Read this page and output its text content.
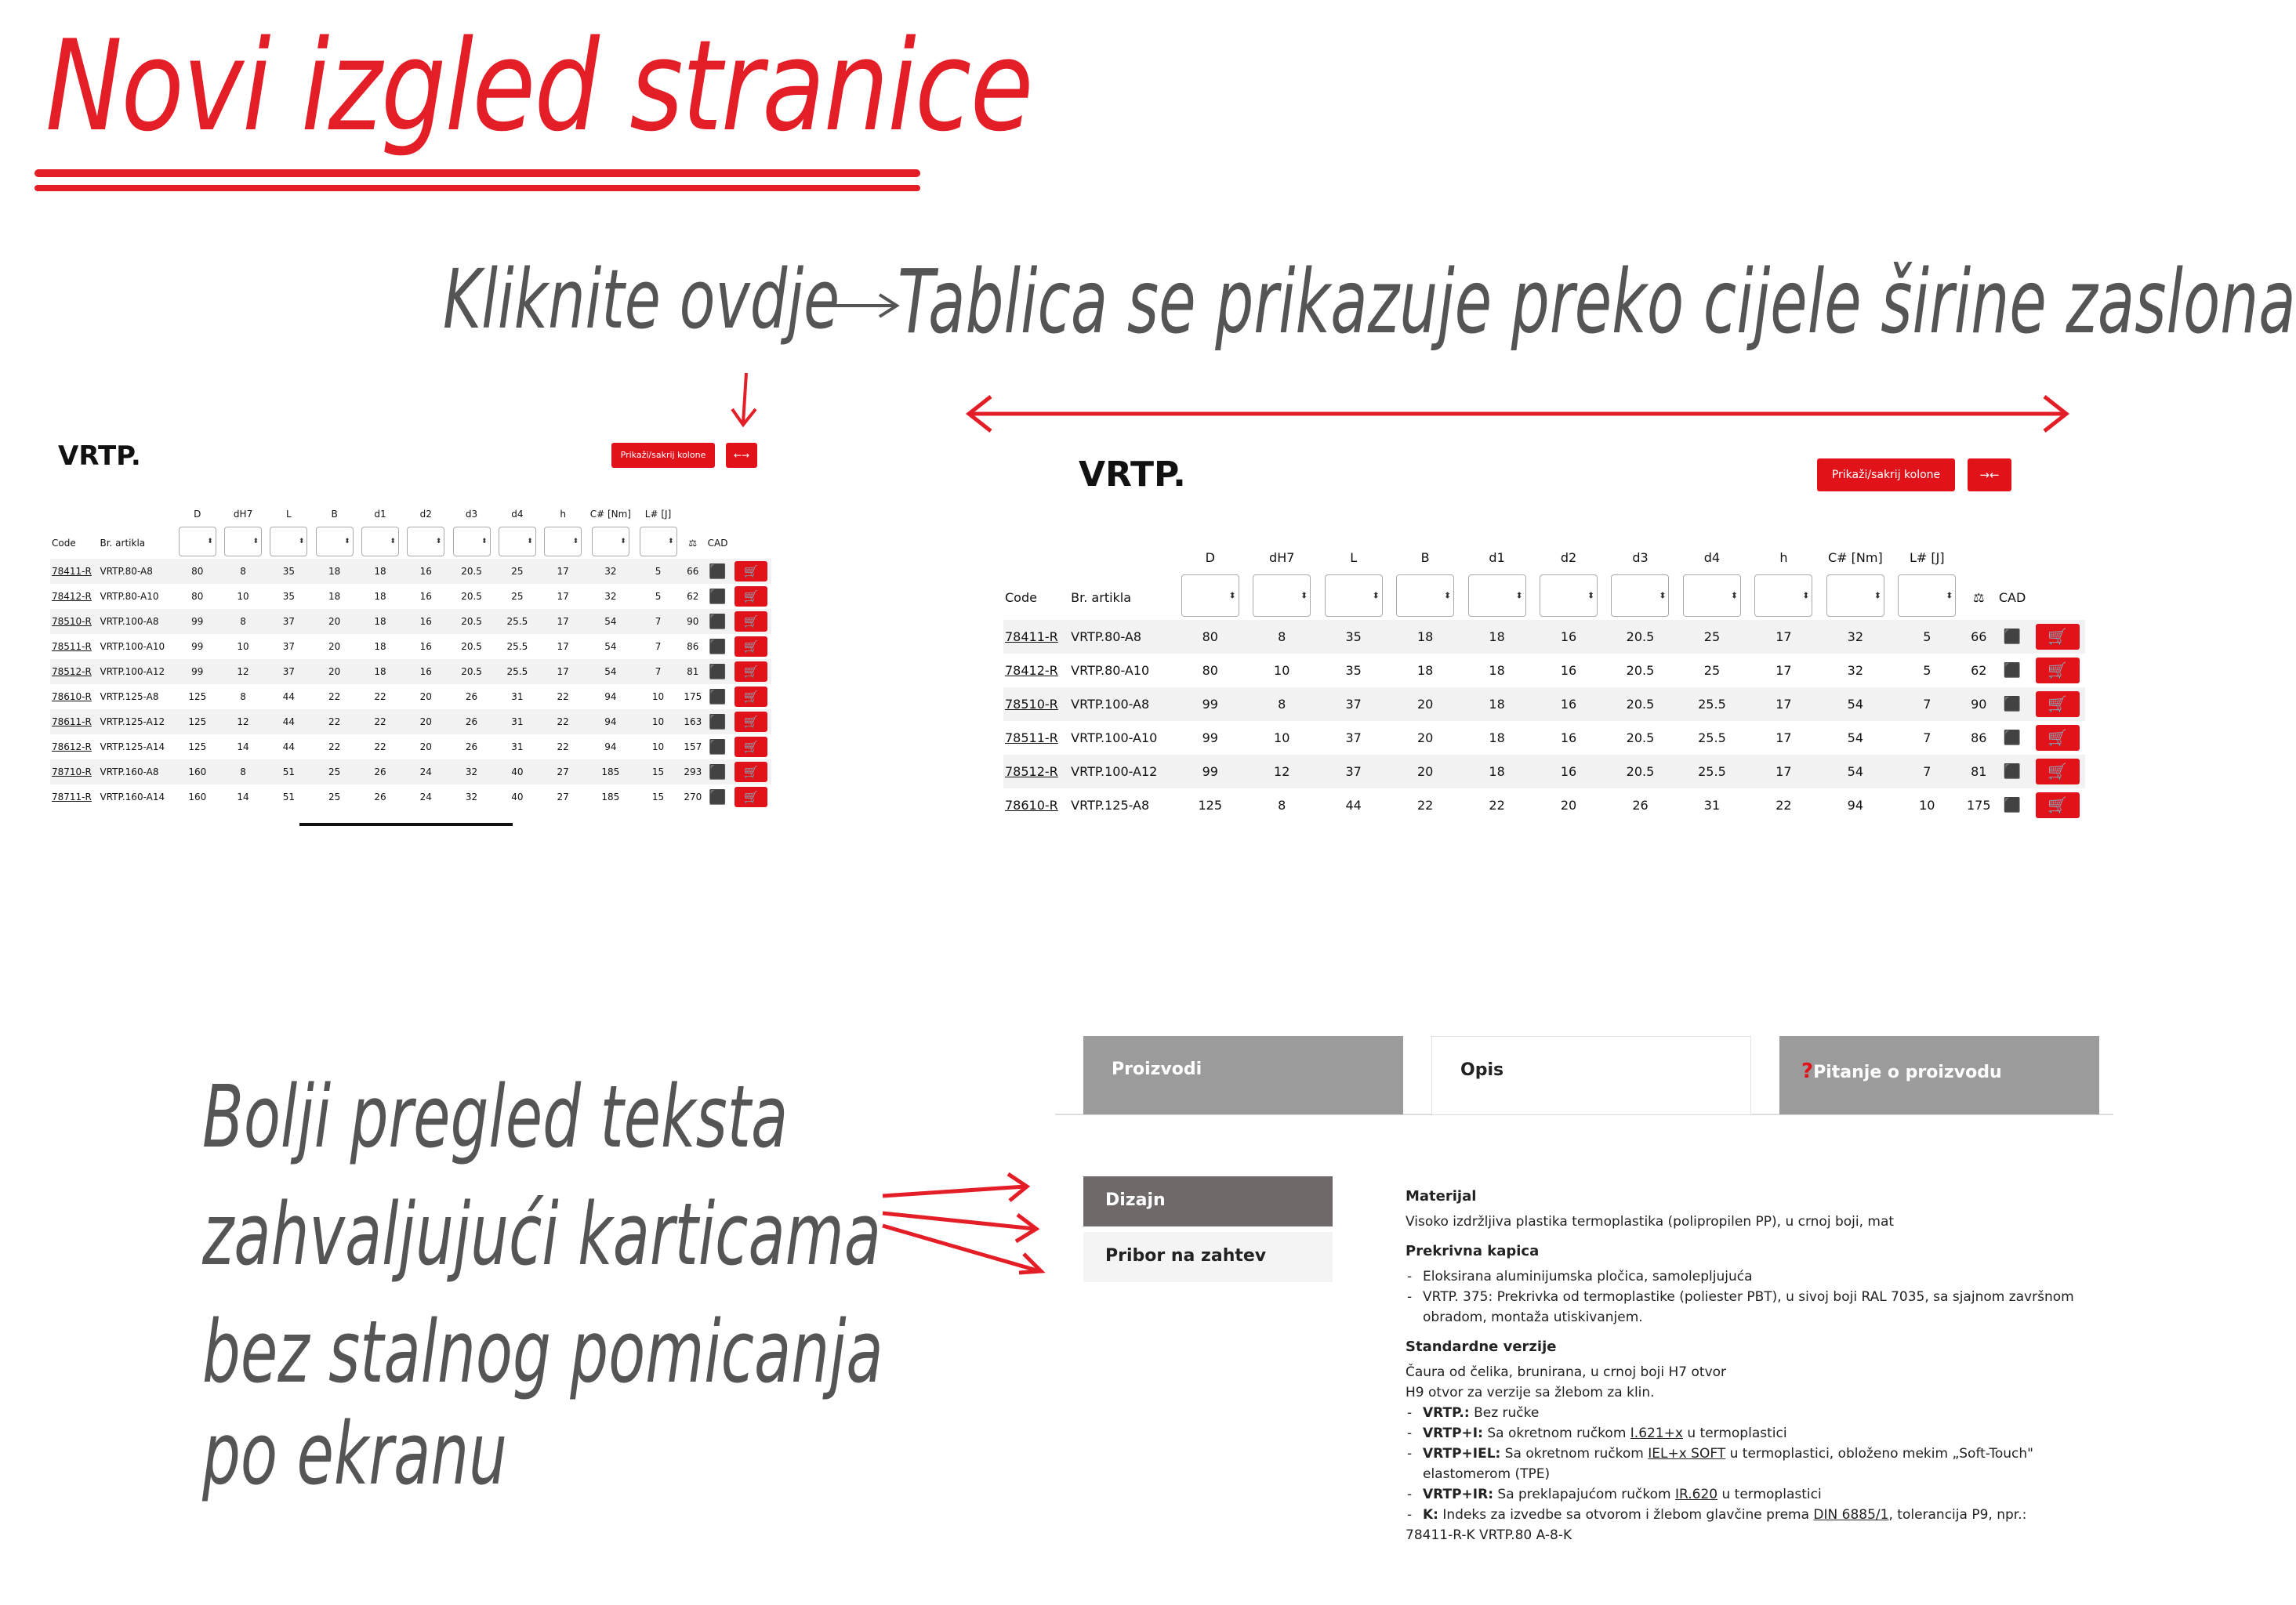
Novi izgled stranice
Kliknite ovdje Tablica se prikazuje preko cijele širine zaslona
VRTP.	Prikaži/sakrij kolone	←→
		D	dH7	L	B	d1	d2	d3	d4	h	C# [Nm]	L# [J]			
Code	Br. artikla	⬍	⬍	⬍	⬍	⬍	⬍	⬍	⬍	⬍	⬍	⬍	⚖	CAD	
78411-R	VRTP.80-A8	80	8	35	18	18	16	20.5	25	17	32	5	66	⬛	🛒
78412-R	VRTP.80-A10	80	10	35	18	18	16	20.5	25	17	32	5	62	⬛	🛒
78510-R	VRTP.100-A8	99	8	37	20	18	16	20.5	25.5	17	54	7	90	⬛	🛒
78511-R	VRTP.100-A10	99	10	37	20	18	16	20.5	25.5	17	54	7	86	⬛	🛒
78512-R	VRTP.100-A12	99	12	37	20	18	16	20.5	25.5	17	54	7	81	⬛	🛒
78610-R	VRTP.125-A8	125	8	44	22	22	20	26	31	22	94	10	175	⬛	🛒
78611-R	VRTP.125-A12	125	12	44	22	22	20	26	31	22	94	10	163	⬛	🛒
78612-R	VRTP.125-A14	125	14	44	22	22	20	26	31	22	94	10	157	⬛	🛒
78710-R	VRTP.160-A8	160	8	51	25	26	24	32	40	27	185	15	293	⬛	🛒
78711-R	VRTP.160-A14	160	14	51	25	26	24	32	40	27	185	15	270	⬛	🛒
VRTP.	Prikaži/sakrij kolone	→←
		D	dH7	L	B	d1	d2	d3	d4	h	C# [Nm]	L# [J]			
Code	Br. artikla	⬍	⬍	⬍	⬍	⬍	⬍	⬍	⬍	⬍	⬍	⬍	⚖	CAD	
78411-R	VRTP.80-A8	80	8	35	18	18	16	20.5	25	17	32	5	66	⬛	🛒
78412-R	VRTP.80-A10	80	10	35	18	18	16	20.5	25	17	32	5	62	⬛	🛒
78510-R	VRTP.100-A8	99	8	37	20	18	16	20.5	25.5	17	54	7	90	⬛	🛒
78511-R	VRTP.100-A10	99	10	37	20	18	16	20.5	25.5	17	54	7	86	⬛	🛒
78512-R	VRTP.100-A12	99	12	37	20	18	16	20.5	25.5	17	54	7	81	⬛	🛒
78610-R	VRTP.125-A8	125	8	44	22	22	20	26	31	22	94	10	175	⬛	🛒
Bolji pregled teksta
zahvaljujući karticama
bez stalnog pomicanja
po ekranu
Proizvodi	Opis	?Pitanje o proizvodu
Dizajn
Pribor na zahtev
Materijal
Visoko izdržljiva plastika termoplastika (polipropilen PP), u crnoj boji, mat
Prekrivna kapica
- Eloksirana aluminijumska pločica, samolepljujuća
- VRTP. 375: Prekrivka od termoplastike (poliester PBT), u sivoj boji RAL 7035, sa sjajnom završnom obradom, montaža utiskivanjem.
Standardne verzije
Čaura od čelika, brunirana, u crnoj boji H7 otvor
H9 otvor za verzije sa žlebom za klin.
- VRTP.: Bez ručke
- VRTP+I: Sa okretnom ručkom I.621+x u termoplastici
- VRTP+IEL: Sa okretnom ručkom IEL+x SOFT u termoplastici, obloženo mekim „Soft-Touch" elastomerom (TPE)
- VRTP+IR: Sa preklapajućom ručkom IR.620 u termoplastici
- K: Indeks za izvedbe sa otvorom i žlebom glavčine prema DIN 6885/1, tolerancija P9, npr.:
78411-R-K VRTP.80 A-8-K
